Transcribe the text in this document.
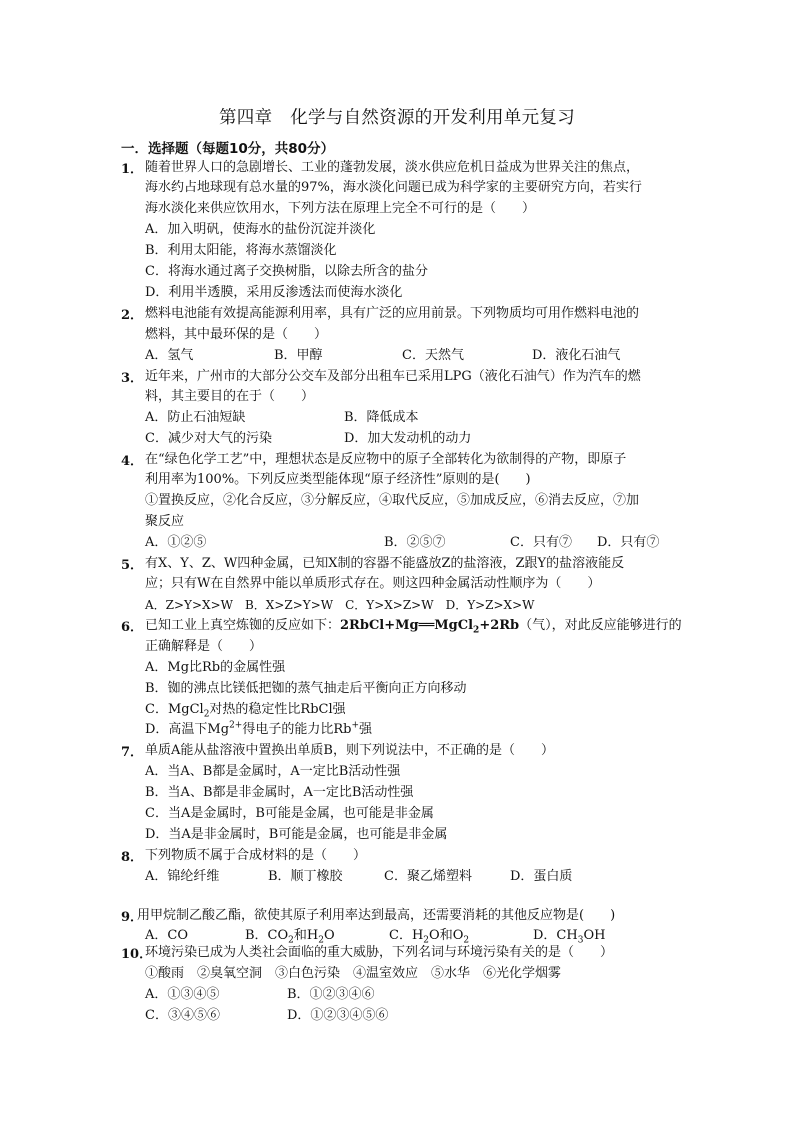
第四章　化学与自然资源的开发利用单元复习
一．选择题（每题10分，共80分）
1． 随着世界人口的急剧增长、工业的蓬勃发展，淡水供应危机日益成为世界关注的焦点，
海水约占地球现有总水量的97%，海水淡化问题已成为科学家的主要研究方向，若实行
海水淡化来供应饮用水，下列方法在原理上完全不可行的是（　　）
A．加入明矾，使海水的盐份沉淀并淡化
B．利用太阳能，将海水蒸馏淡化
C．将海水通过离子交换树脂，以除去所含的盐分
D．利用半透膜，采用反渗透法而使海水淡化
2． 燃料电池能有效提高能源利用率，具有广泛的应用前景。下列物质均可用作燃料电池的
燃料，其中最环保的是（　　）
A．氢气	B．甲醇	C．天然气	D．液化石油气
3． 近年来，广州市的大部分公交车及部分出租车已采用LPG（液化石油气）作为汽车的燃
料，其主要目的在于（　　）
A．防止石油短缺	B．降低成本
C．减少对大气的污染	D．加大发动机的动力
4． 在“绿色化学工艺”中，理想状态是反应物中的原子全部转化为欲制得的产物，即原子
利用率为100%。下列反应类型能体现“原子经济性”原则的是(　　)
①置换反应，②化合反应，③分解反应，④取代反应，⑤加成反应，⑥消去反应，⑦加
聚反应
A．①②⑤	B．②⑤⑦	C．只有⑦ D．只有⑦
5． 有X、Y、Z、W四种金属，已知X制的容器不能盛放Z的盐溶液，Z跟Y的盐溶液能反
应；只有W在自然界中能以单质形式存在。则这四种金属活动性顺序为（　　）
A．Z>Y>X>W　B．X>Z>Y>W　C．Y>X>Z>W　D．Y>Z>X>W
6． 已知工业上真空炼铷的反应如下：2RbCl+Mg══MgCl$_2$+2Rb（气），对此反应能够进行的
正确解释是（　　）
A．Mg比Rb的金属性强
B．铷的沸点比镁低把铷的蒸气抽走后平衡向正方向移动
C．MgCl$_2$对热的稳定性比RbCl强
D．高温下$Mg^{2+}$得电子的能力比Rb+强
7． 单质A能从盐溶液中置换出单质B，则下列说法中，不正确的是（　　）
A．当A、B都是金属时，A一定比B活动性强
B．当A、B都是非金属时，A一定比B活动性强
C．当A是金属时，B可能是金属，也可能是非金属
D．当A是非金属时，B可能是金属，也可能是非金属
8． 下列物质不属于合成材料的是（　　）
A．锦纶纤维	B．顺丁橡胶	C．聚乙烯塑料	D．蛋白质
9．
用甲烷制乙酸乙酯，欲使其原子利用率达到最高，还需要消耗的其他反应物是(　　)
A．CO	B．$CO_2$和$H_2O$	C．$H_2O$和$O_2$	D．$CH_3OH$
10．
环境污染已成为人类社会面临的重大威胁，下列名词与环境污染有关的是（　　）
①酸雨　②臭氧空洞　③白色污染　④温室效应　⑤水华　⑥光化学烟雾
A．①③④⑤	B．①②③④⑥
C．③④⑤⑥	D．①②③④⑤⑥
